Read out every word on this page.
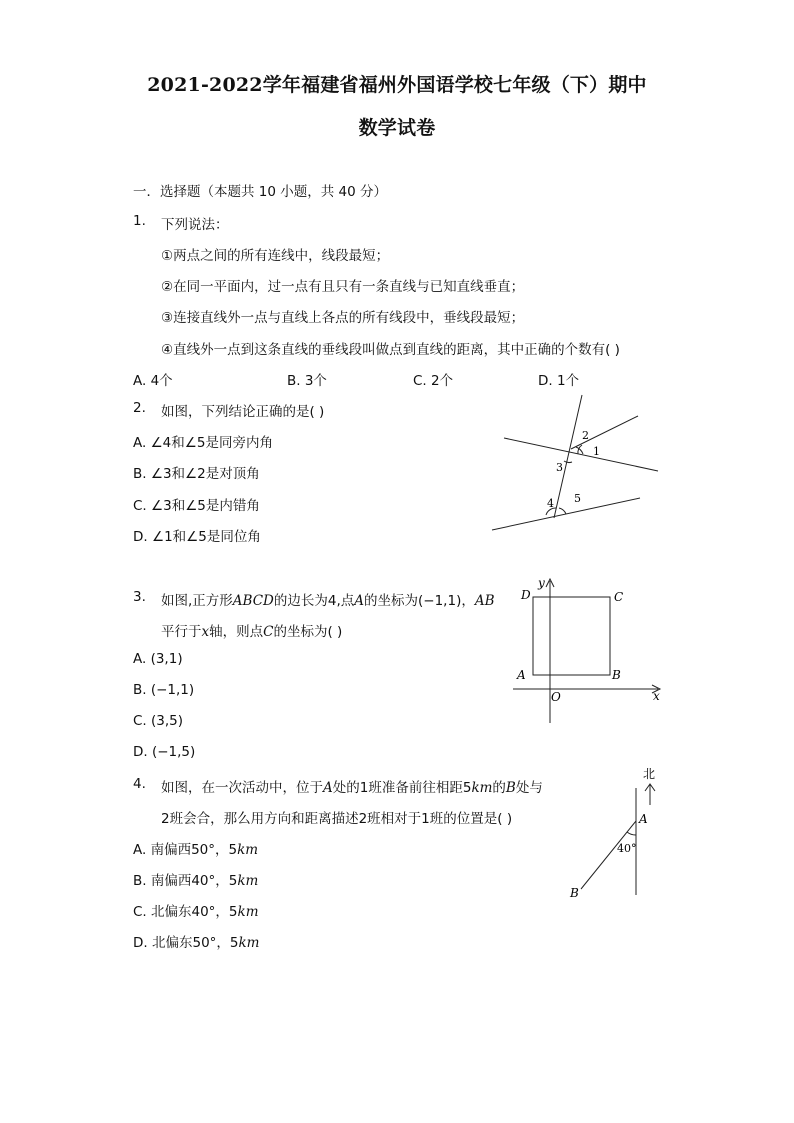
2021-2022学年福建省福州外国语学校七年级（下）期中
数学试卷
一．选择题（本题共 10 小题，共 40 分）
1. 下列说法：
①两点之间的所有连线中，线段最短；
②在同一平面内，过一点有且只有一条直线与已知直线垂直；
③连接直线外一点与直线上各点的所有线段中，垂线段最短；
④直线外一点到这条直线的垂线段叫做点到直线的距离，其中正确的个数有( )
A. 4个	B. 3个	C. 2个	D. 1个
2. 如图，下列结论正确的是( )
A. ∠4和∠5是同旁内角
B. ∠3和∠2是对顶角
C. ∠3和∠5是内错角
D. ∠1和∠5是同位角
2
1
3
4 5
3. 如图,正方形ABCD的边长为4,点A的坐标为(−1,1)，AB
平行于x轴，则点C的坐标为( )
A. (3,1)
B. (−1,1)
C. (3,5)
D. (−1,5)
y
x
D	C
A	B
O
4. 如图，在一次活动中，位于A处的1班准备前往相距5km的B处与
2班会合，那么用方向和距离描述2班相对于1班的位置是( )
A. 南偏西50°，5km
B. 南偏西40°，5km
C. 北偏东40°，5km
D. 北偏东50°，5km
北
A
40°
B
